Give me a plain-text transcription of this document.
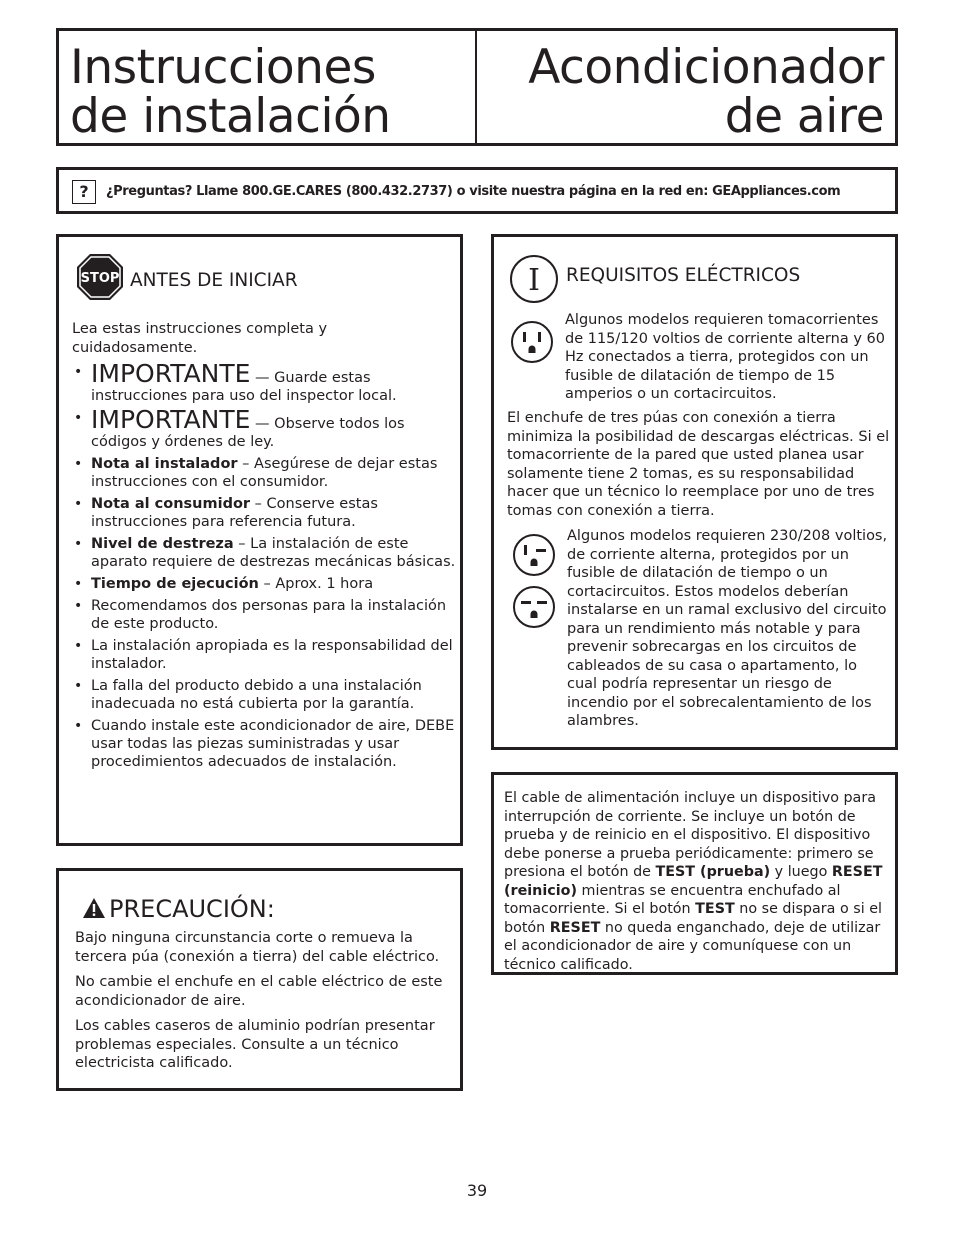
Instrucciones
de instalación
Acondicionador
de aire
?	¿Preguntas? Llame 800.GE.CARES (800.432.2737) o visite nuestra página en la red en: GEAppliances.com
STOP ANTES DE INICIAR
Lea estas instrucciones completa y cuidadosamente.
• IMPORTANTE — Guarde estas instrucciones para uso del inspector local.
• IMPORTANTE — Observe todos los códigos y órdenes de ley.
• Nota al instalador – Asegúrese de dejar estas instrucciones con el consumidor.
• Nota al consumidor – Conserve estas instrucciones para referencia futura.
• Nivel de destreza – La instalación de este aparato requiere de destrezas mecánicas básicas.
• Tiempo de ejecución – Aprox. 1 hora
• Recomendamos dos personas para la instalación de este producto.
• La instalación apropiada es la responsabilidad del instalador.
• La falla del producto debido a una instalación inadecuada no está cubierta por la garantía.
• Cuando instale este acondicionador de aire, DEBE usar todas las piezas suministradas y usar procedimientos adecuados de instalación.
PRECAUCIÓN:
Bajo ninguna circunstancia corte o remueva la tercera púa (conexión a tierra) del cable eléctrico.
No cambie el enchufe en el cable eléctrico de este acondicionador de aire.
Los cables caseros de aluminio podrían presentar problemas especiales. Consulte a un técnico electricista calificado.
I REQUISITOS ELÉCTRICOS
Algunos modelos requieren tomacorrientes de 115/120 voltios de corriente alterna y 60 Hz conectados a tierra, protegidos con un fusible de dilatación de tiempo de 15 amperios o un cortacircuitos.
El enchufe de tres púas con conexión a tierra minimiza la posibilidad de descargas eléctricas. Si el tomacorriente de la pared que usted planea usar solamente tiene 2 tomas, es su responsabilidad hacer que un técnico lo reemplace por uno de tres tomas con conexión a tierra.
Algunos modelos requieren 230/208 voltios, de corriente alterna, protegidos por un fusible de dilatación de tiempo o un cortacircuitos. Estos modelos deberían instalarse en un ramal exclusivo del circuito para un rendimiento más notable y para prevenir sobrecargas en los circuitos de cableados de su casa o apartamento, lo cual podría representar un riesgo de incendio por el sobrecalentamiento de los alambres.
El cable de alimentación incluye un dispositivo para interrupción de corriente. Se incluye un botón de prueba y de reinicio en el dispositivo. El dispositivo debe ponerse a prueba periódicamente: primero se presiona el botón de TEST (prueba) y luego RESET (reinicio) mientras se encuentra enchufado al tomacorriente. Si el botón TEST no se dispara o si el botón RESET no queda enganchado, deje de utilizar el acondicionador de aire y comuníquese con un técnico calificado.
39
